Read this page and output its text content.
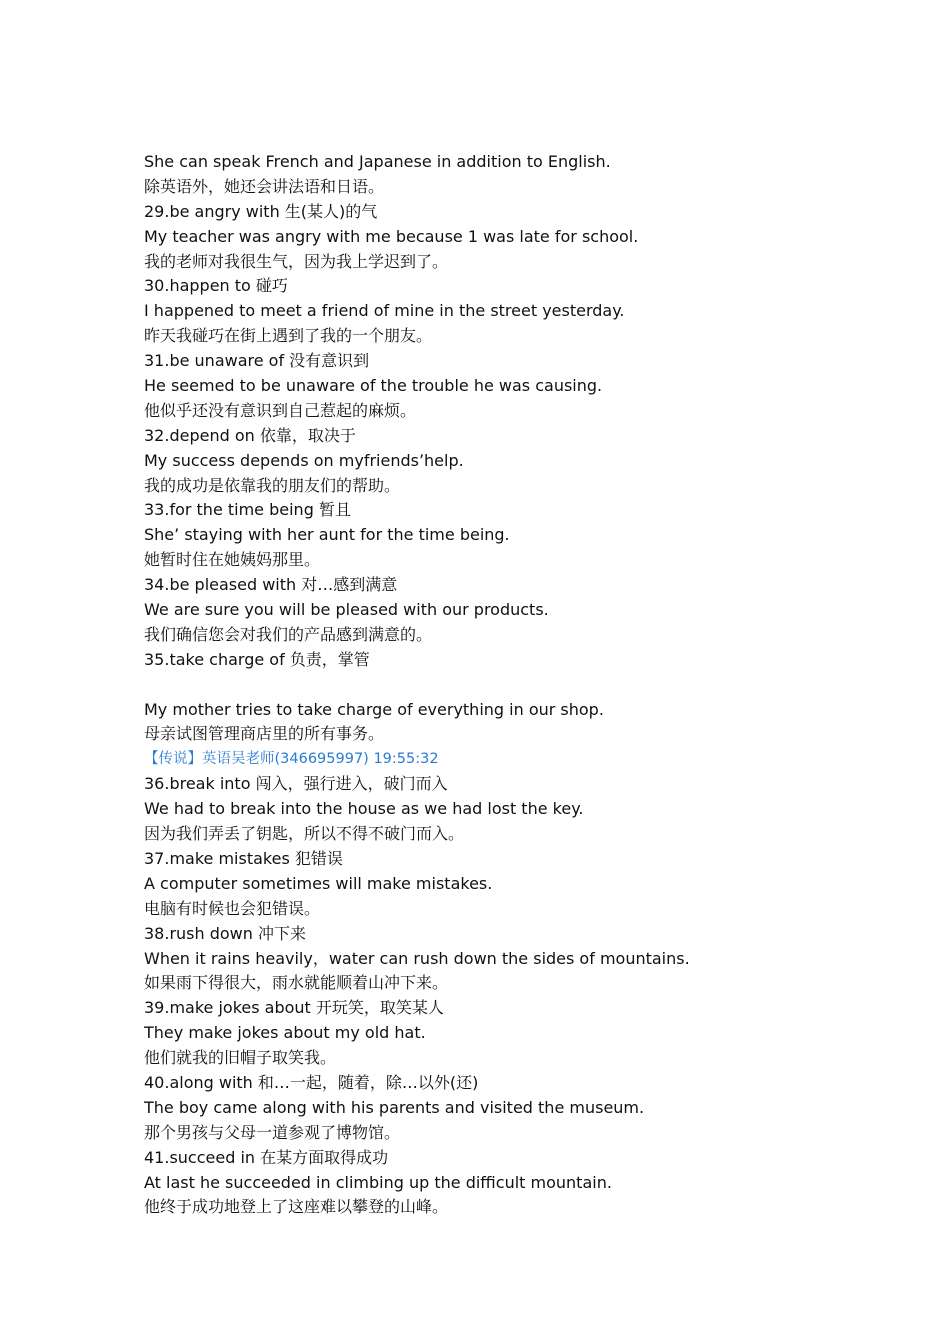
She can speak French and Japanese in addition to English.
除英语外，她还会讲法语和日语。
29.be angry with 生(某人)的气
My teacher was angry with me because 1 was late for school.
我的老师对我很生气，因为我上学迟到了。
30.happen to 碰巧
I happened to meet a friend of mine in the street yesterday.
昨天我碰巧在街上遇到了我的一个朋友。
31.be unaware of 没有意识到
He seemed to be unaware of the trouble he was causing.
他似乎还没有意识到自己惹起的麻烦。
32.depend on 依靠，取决于
My success depends on myfriends’help.
我的成功是依靠我的朋友们的帮助。
33.for the time being 暂且
She’ staying with her aunt for the time being.
她暂时住在她姨妈那里。
34.be pleased with 对…感到满意
We are sure you will be pleased with our products.
我们确信您会对我们的产品感到满意的。
35.take charge of 负责，掌管
My mother tries to take charge of everything in our shop.
母亲试图管理商店里的所有事务。
【传说】英语吴老师(346695997) 19:55:32
36.break into 闯入，强行进入，破门而入
We had to break into the house as we had lost the key.
因为我们弄丢了钥匙，所以不得不破门而入。
37.make mistakes 犯错误
A computer sometimes will make mistakes.
电脑有时候也会犯错误。
38.rush down 冲下来
When it rains heavily，water can rush down the sides of mountains.
如果雨下得很大，雨水就能顺着山冲下来。
39.make jokes about 开玩笑，取笑某人
They make jokes about my old hat.
他们就我的旧帽子取笑我。
40.along with 和…一起，随着，除…以外(还)
The boy came along with his parents and visited the museum.
那个男孩与父母一道参观了博物馆。
41.succeed in 在某方面取得成功
At last he succeeded in climbing up the difficult mountain.
他终于成功地登上了这座难以攀登的山峰。
